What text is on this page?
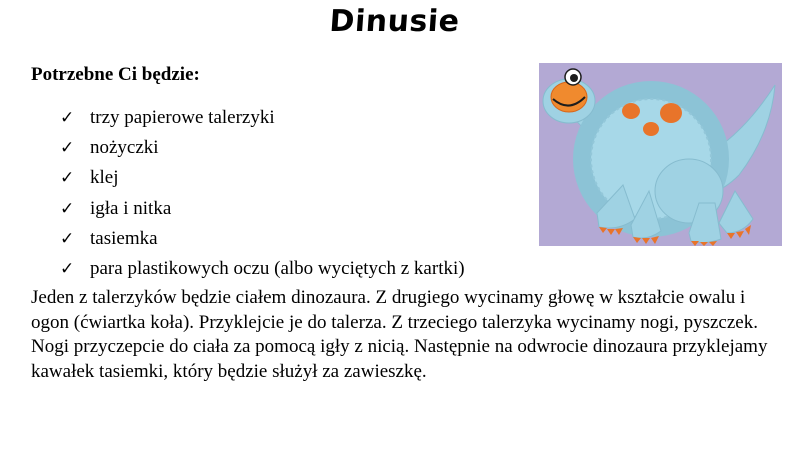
Dinusie
Potrzebne Ci będzie:
✓ trzy papierowe talerzyki
✓ nożyczki
✓ klej
✓ igła i nitka
✓ tasiemka
✓ para plastikowych oczu (albo wyciętych z kartki)

Jeden z talerzyków będzie ciałem dinozaura. Z drugiego wycinamy głowę w kształcie owalu i ogon (ćwiartka koła). Przyklejcie je do talerza. Z trzeciego talerzyka wycinamy nogi, pyszczek. Nogi przyczepcie do ciała za pomocą igły z nicią. Następnie na odwrocie dinozaura przyklejamy kawałek tasiemki, który będzie służył za zawieszkę.
